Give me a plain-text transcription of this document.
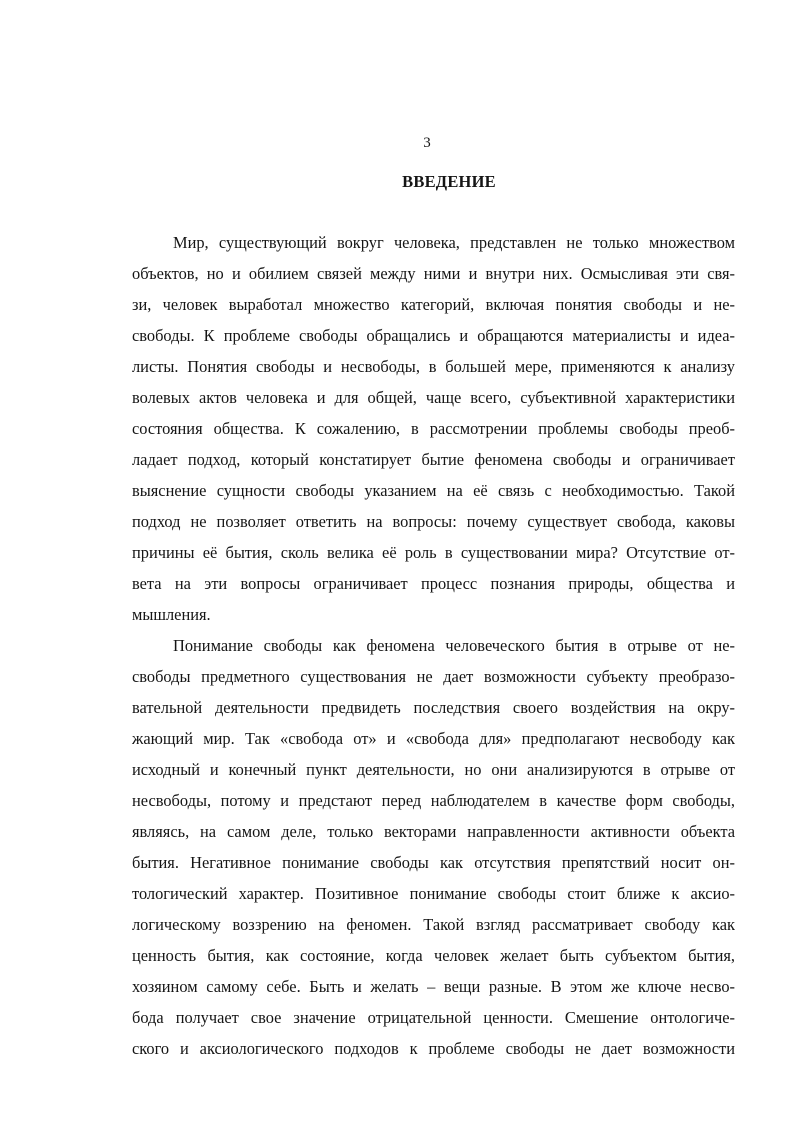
3
ВВЕДЕНИЕ
Мир, существующий вокруг человека, представлен не только множеством
объектов, но и обилием связей между ними и внутри них. Осмысливая эти свя-
зи, человек выработал множество категорий, включая понятия свободы и не-
свободы. К проблеме свободы обращались и обращаются материалисты и идеа-
листы. Понятия свободы и несвободы, в большей мере, применяются к анализу
волевых актов человека и для общей, чаще всего, субъективной характеристики
состояния общества. К сожалению, в рассмотрении проблемы свободы преоб-
ладает подход, который констатирует бытие феномена свободы и ограничивает
выяснение сущности свободы указанием на её связь с необходимостью. Такой
подход не позволяет ответить на вопросы: почему существует свобода, каковы
причины её бытия, сколь велика её роль в существовании мира? Отсутствие от-
вета на эти вопросы ограничивает процесс познания природы, общества и
мышления.
Понимание свободы как феномена человеческого бытия в отрыве от не-
свободы предметного существования не дает возможности субъекту преобразо-
вательной деятельности предвидеть последствия своего воздействия на окру-
жающий мир. Так «свобода от» и «свобода для» предполагают несвободу как
исходный и конечный пункт деятельности, но они анализируются в отрыве от
несвободы, потому и предстают перед наблюдателем в качестве форм свободы,
являясь, на самом деле, только векторами направленности активности объекта
бытия. Негативное понимание свободы как отсутствия препятствий носит он-
тологический характер. Позитивное понимание свободы стоит ближе к аксио-
логическому воззрению на феномен. Такой взгляд рассматривает свободу как
ценность бытия, как состояние, когда человек желает быть субъектом бытия,
хозяином самому себе. Быть и желать – вещи разные. В этом же ключе несво-
бода получает свое значение отрицательной ценности. Смешение онтологиче-
ского и аксиологического подходов к проблеме свободы не дает возможности
